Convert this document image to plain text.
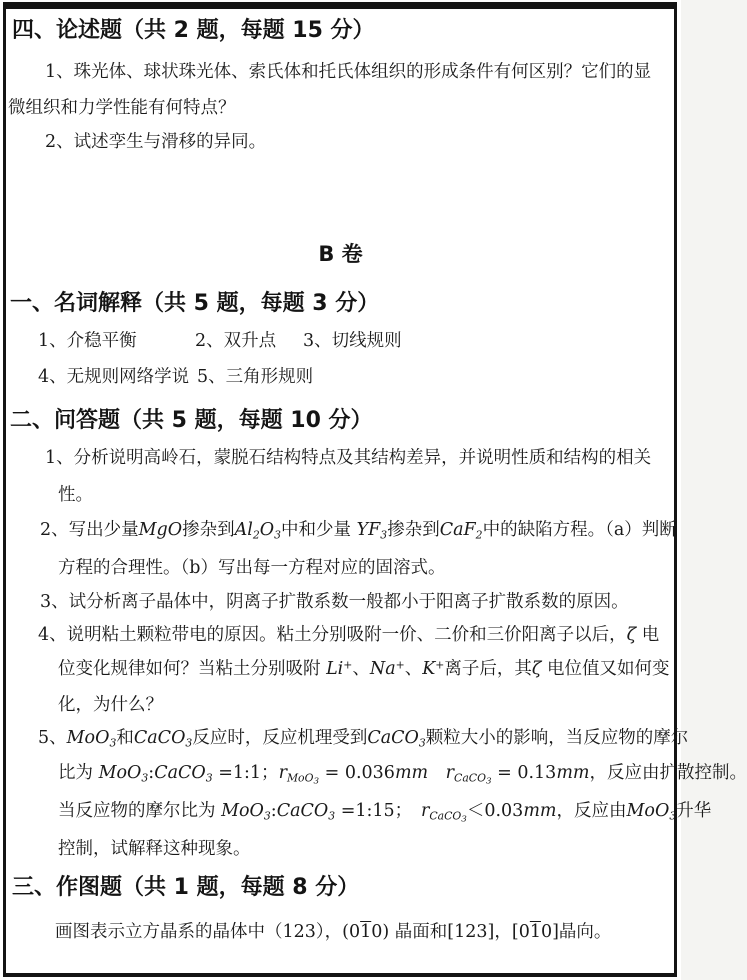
四、论述题（共 2 题，每题 15 分）
1、珠光体、球状珠光体、索氏体和托氏体组织的形成条件有何区别？它们的显
微组织和力学性能有何特点？
2、试述孪生与滑移的异同。
B 卷
一、名词解释（共 5 题，每题 3 分）
1、介稳平衡	2、双升点 3、切线规则
4、无规则网络学说 5、三角形规则
二、问答题（共 5 题，每题 10 分）
1、分析说明高岭石，蒙脱石结构特点及其结构差异，并说明性质和结构的相关
性。
2、写出少量MgO掺杂到Al2O3中和少量 YF3掺杂到CaF2中的缺陷方程。（a）判断
方程的合理性。（b）写出每一方程对应的固溶式。
3、试分析离子晶体中，阴离子扩散系数一般都小于阳离子扩散系数的原因。
4、说明粘土颗粒带电的原因。粘土分别吸附一价、二价和三价阳离子以后，ζ 电
位变化规律如何？当粘土分别吸附 Li+、Na+、K+离子后，其ζ 电位值又如何变
化，为什么？
5、MoO3和CaCO3反应时，反应机理受到CaCO3颗粒大小的影响，当反应物的摩尔
比为 MoO3:CaCO3 =1:1；rMoO$_3$ = 0.036mm　 rCaCO$_3$ = 0.13mm，反应由扩散控制。
当反应物的摩尔比为 MoO3:CaCO3 =1:15；　rCaCO$_3$＜0.03mm，反应由MoO3升华
控制，试解释这种现象。
三、作图题（共 1 题，每题 8 分）
画图表示立方晶系的晶体中（123），(010) 晶面和[123]，[010]晶向。
